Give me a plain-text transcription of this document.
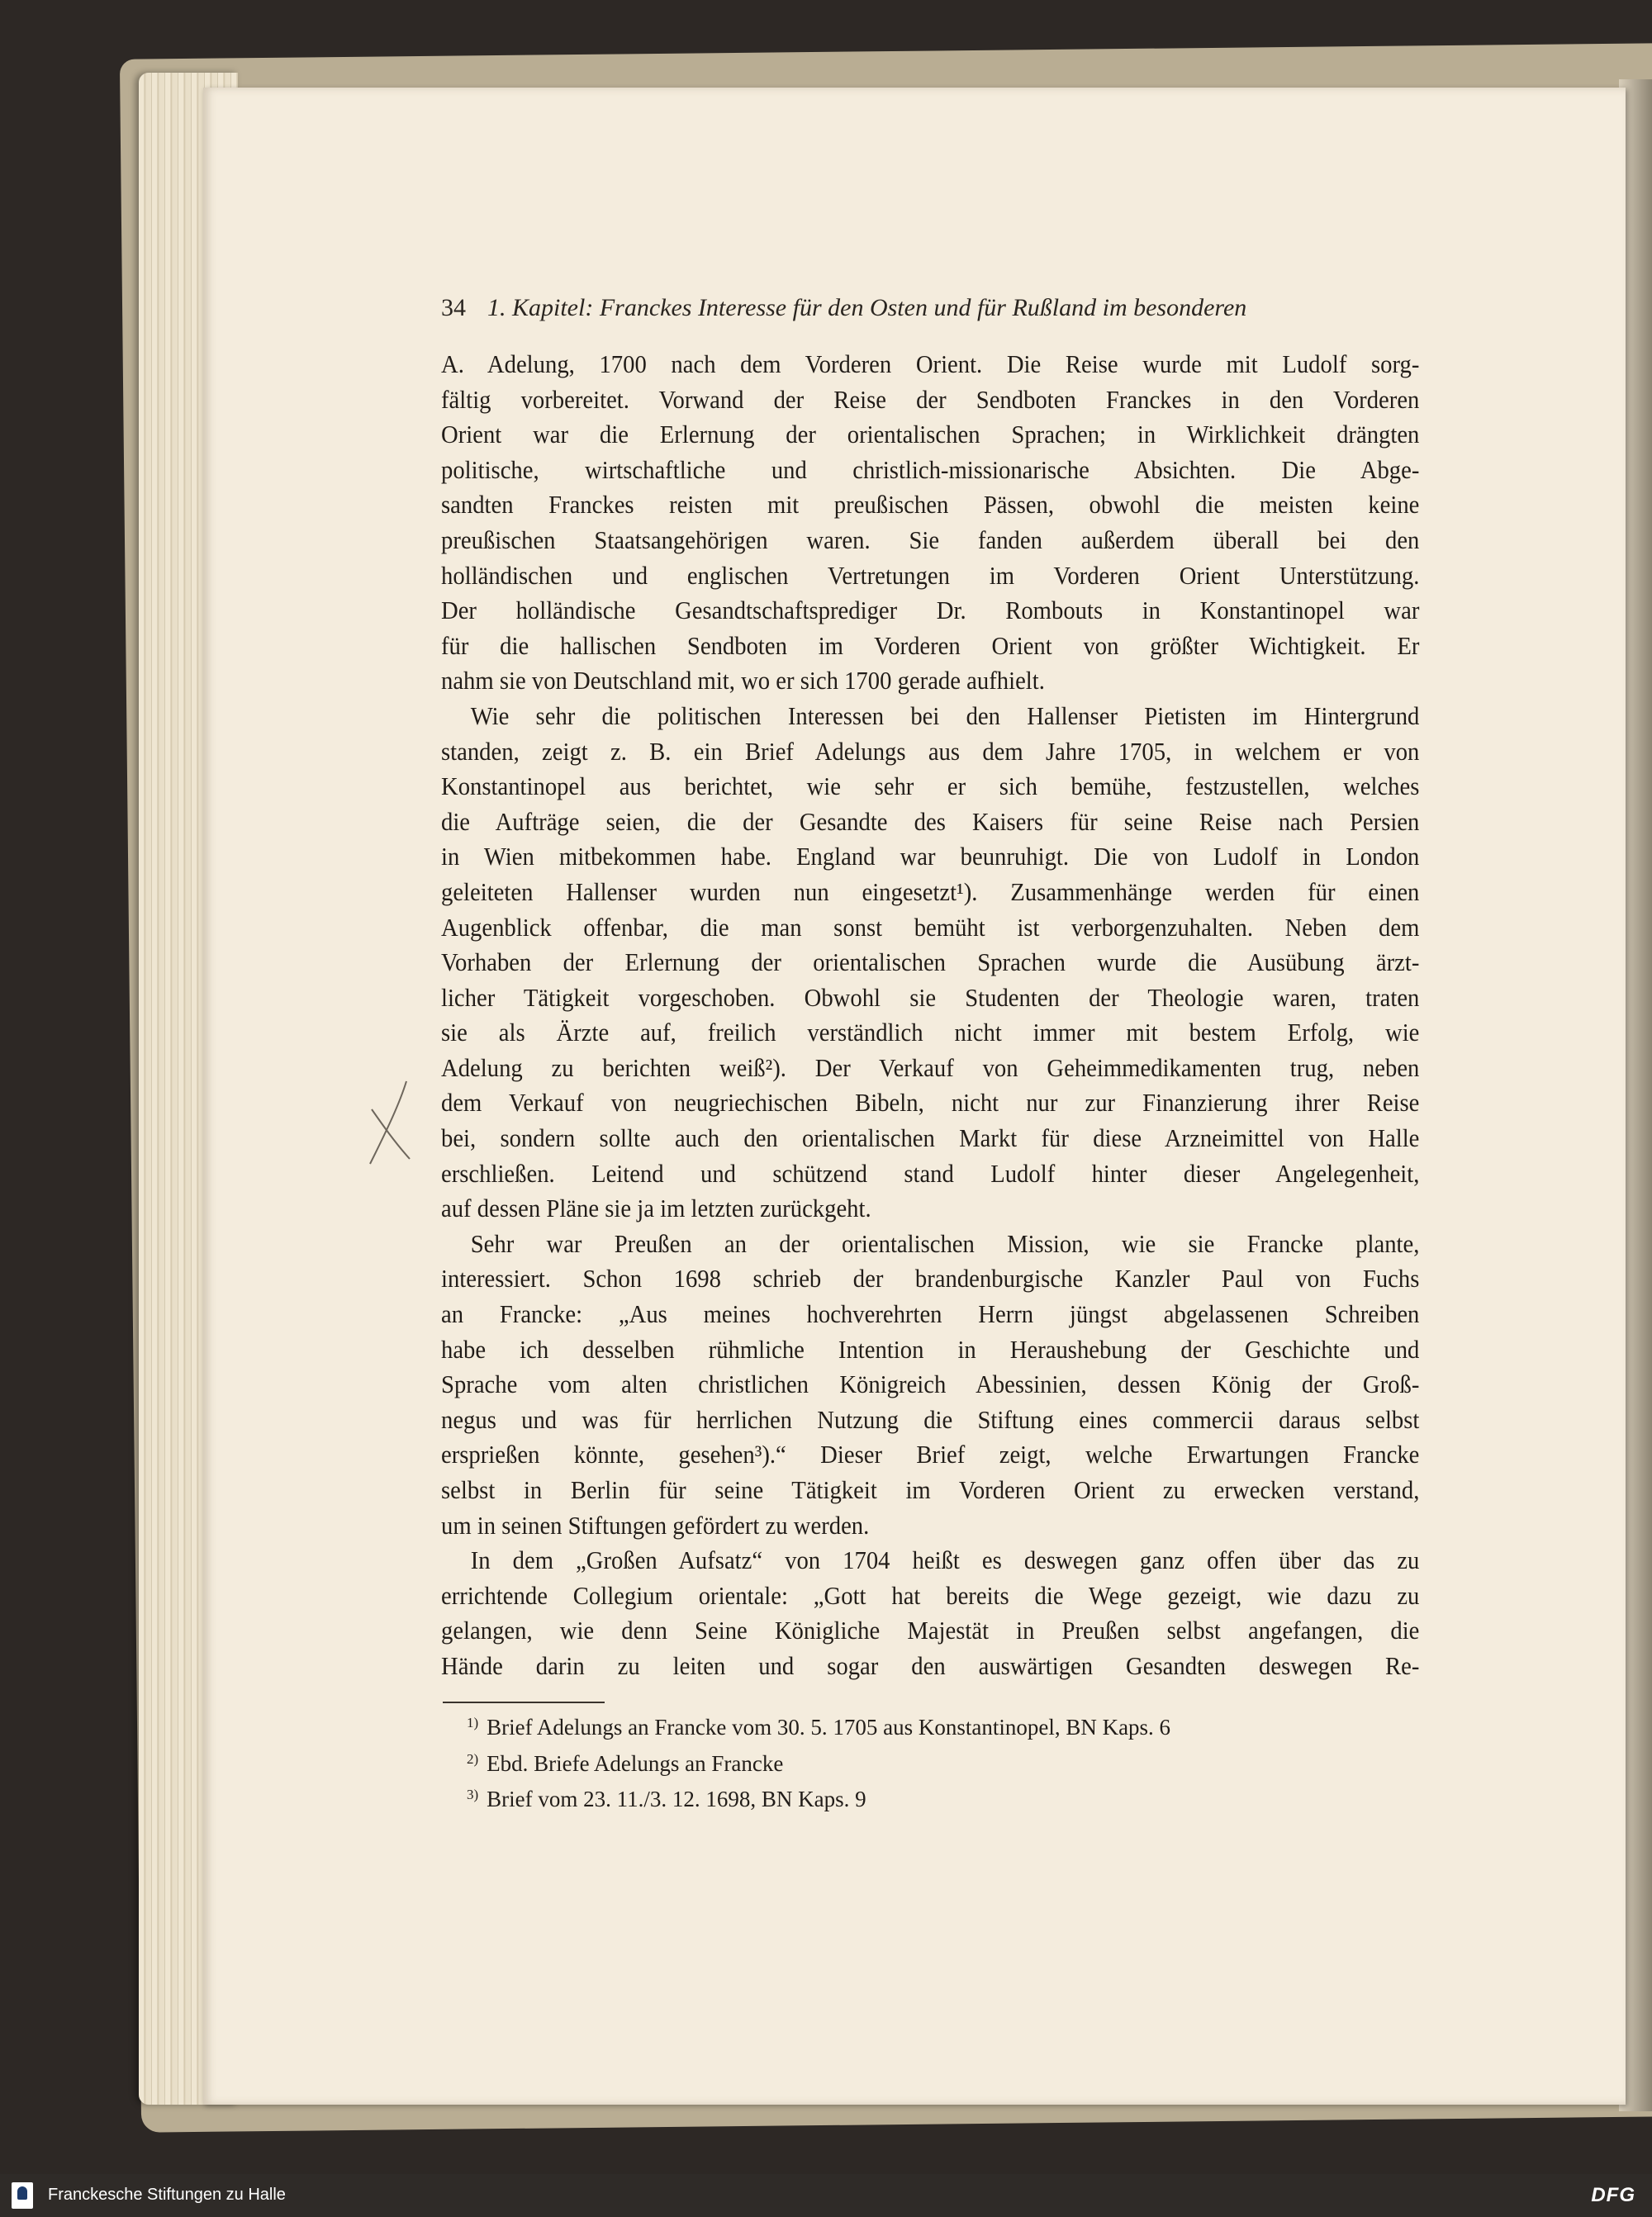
34 1. Kapitel: Franckes Interesse für den Osten und für Rußland im besonderen
A. Adelung, 1700 nach dem Vorderen Orient. Die Reise wurde mit Ludolf sorg-
fältig vorbereitet. Vorwand der Reise der Sendboten Franckes in den Vorderen
Orient war die Erlernung der orientalischen Sprachen; in Wirklichkeit drängten
politische, wirtschaftliche und christlich-missionarische Absichten. Die Abge-
sandten Franckes reisten mit preußischen Pässen, obwohl die meisten keine
preußischen Staatsangehörigen waren. Sie fanden außerdem überall bei den
holländischen und englischen Vertretungen im Vorderen Orient Unterstützung.
Der holländische Gesandtschaftsprediger Dr. Rombouts in Konstantinopel war
für die hallischen Sendboten im Vorderen Orient von größter Wichtigkeit. Er
nahm sie von Deutschland mit, wo er sich 1700 gerade aufhielt.
Wie sehr die politischen Interessen bei den Hallenser Pietisten im Hintergrund
standen, zeigt z. B. ein Brief Adelungs aus dem Jahre 1705, in welchem er von
Konstantinopel aus berichtet, wie sehr er sich bemühe, festzustellen, welches
die Aufträge seien, die der Gesandte des Kaisers für seine Reise nach Persien
in Wien mitbekommen habe. England war beunruhigt. Die von Ludolf in London
geleiteten Hallenser wurden nun eingesetzt¹). Zusammenhänge werden für einen
Augenblick offenbar, die man sonst bemüht ist verborgenzuhalten. Neben dem
Vorhaben der Erlernung der orientalischen Sprachen wurde die Ausübung ärzt-
licher Tätigkeit vorgeschoben. Obwohl sie Studenten der Theologie waren, traten
sie als Ärzte auf, freilich verständlich nicht immer mit bestem Erfolg, wie
Adelung zu berichten weiß²). Der Verkauf von Geheimmedikamenten trug, neben
dem Verkauf von neugriechischen Bibeln, nicht nur zur Finanzierung ihrer Reise
bei, sondern sollte auch den orientalischen Markt für diese Arzneimittel von Halle
erschließen. Leitend und schützend stand Ludolf hinter dieser Angelegenheit,
auf dessen Pläne sie ja im letzten zurückgeht.
Sehr war Preußen an der orientalischen Mission, wie sie Francke plante,
interessiert. Schon 1698 schrieb der brandenburgische Kanzler Paul von Fuchs
an Francke: „Aus meines hochverehrten Herrn jüngst abgelassenen Schreiben
habe ich desselben rühmliche Intention in Heraushebung der Geschichte und
Sprache vom alten christlichen Königreich Abessinien, dessen König der Groß-
negus und was für herrlichen Nutzung die Stiftung eines commercii daraus selbst
ersprießen könnte, gesehen³).“ Dieser Brief zeigt, welche Erwartungen Francke
selbst in Berlin für seine Tätigkeit im Vorderen Orient zu erwecken verstand,
um in seinen Stiftungen gefördert zu werden.
In dem „Großen Aufsatz“ von 1704 heißt es deswegen ganz offen über das zu
errichtende Collegium orientale: „Gott hat bereits die Wege gezeigt, wie dazu zu
gelangen, wie denn Seine Königliche Majestät in Preußen selbst angefangen, die
Hände darin zu leiten und sogar den auswärtigen Gesandten deswegen Re-
$^{1)}$ Brief Adelungs an Francke vom 30. 5. 1705 aus Konstantinopel, BN Kaps. 6
$^{2)}$ Ebd. Briefe Adelungs an Francke
$^{3)}$ Brief vom 23. 11./3. 12. 1698, BN Kaps. 9
Franckesche Stiftungen zu Halle	DFG
